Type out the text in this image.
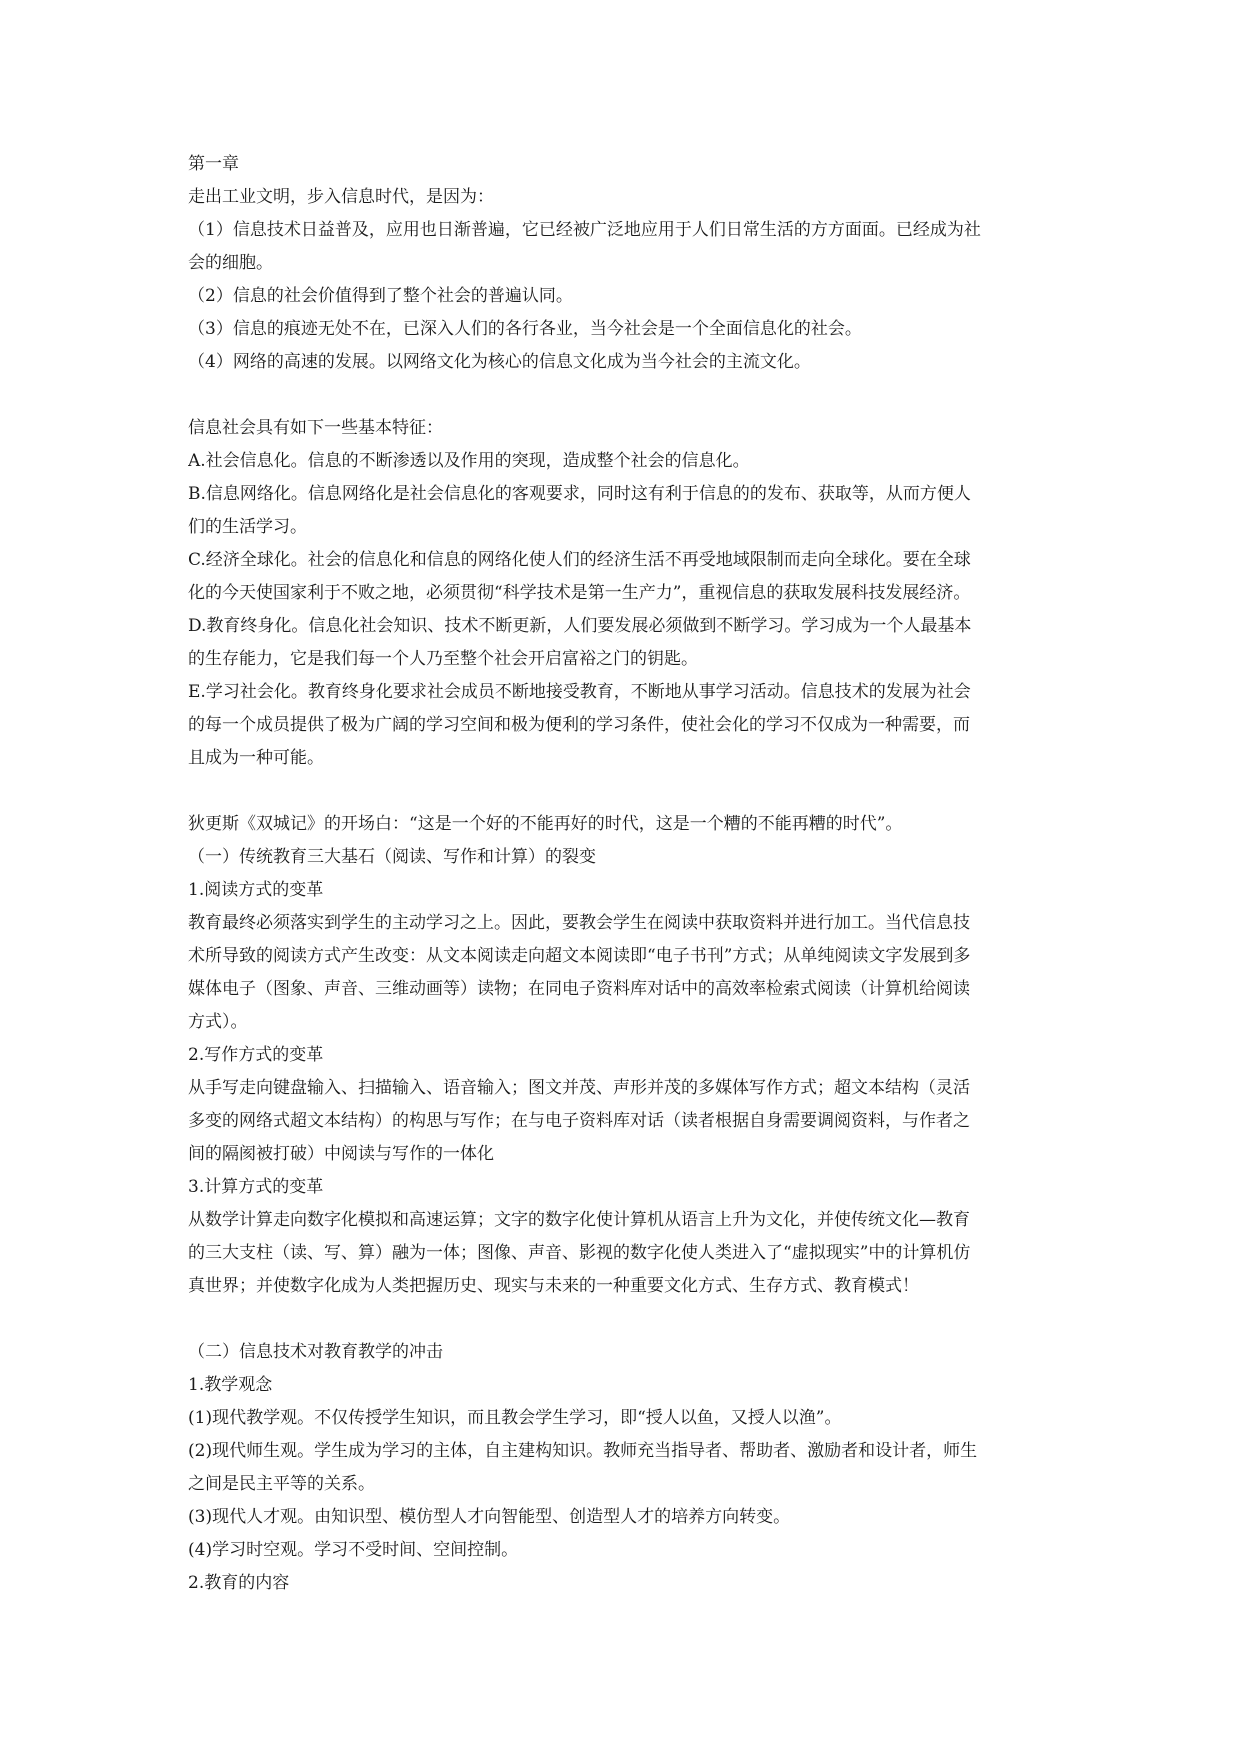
第一章
走出工业文明，步入信息时代，是因为：
（1）信息技术日益普及，应用也日渐普遍，它已经被广泛地应用于人们日常生活的方方面面。已经成为社
会的细胞。
（2）信息的社会价值得到了整个社会的普遍认同。
（3）信息的痕迹无处不在，已深入人们的各行各业，当今社会是一个全面信息化的社会。
（4）网络的高速的发展。以网络文化为核心的信息文化成为当今社会的主流文化。
信息社会具有如下一些基本特征：
A.社会信息化。信息的不断渗透以及作用的突现，造成整个社会的信息化。
B.信息网络化。信息网络化是社会信息化的客观要求，同时这有利于信息的的发布、获取等，从而方便人
们的生活学习。
C.经济全球化。社会的信息化和信息的网络化使人们的经济生活不再受地域限制而走向全球化。要在全球
化的今天使国家利于不败之地，必须贯彻“科学技术是第一生产力”，重视信息的获取发展科技发展经济。
D.教育终身化。信息化社会知识、技术不断更新，人们要发展必须做到不断学习。学习成为一个人最基本
的生存能力，它是我们每一个人乃至整个社会开启富裕之门的钥匙。
E.学习社会化。教育终身化要求社会成员不断地接受教育，不断地从事学习活动。信息技术的发展为社会
的每一个成员提供了极为广阔的学习空间和极为便利的学习条件，使社会化的学习不仅成为一种需要，而
且成为一种可能。
狄更斯《双城记》的开场白：“这是一个好的不能再好的时代，这是一个糟的不能再糟的时代”。
（一）传统教育三大基石（阅读、写作和计算）的裂变
1.阅读方式的变革
教育最终必须落实到学生的主动学习之上。因此，要教会学生在阅读中获取资料并进行加工。当代信息技
术所导致的阅读方式产生改变：从文本阅读走向超文本阅读即“电子书刊”方式；从单纯阅读文字发展到多
媒体电子（图象、声音、三维动画等）读物；在同电子资料库对话中的高效率检索式阅读（计算机给阅读
方式）。
2.写作方式的变革
从手写走向键盘输入、扫描输入、语音输入；图文并茂、声形并茂的多媒体写作方式；超文本结构（灵活
多变的网络式超文本结构）的构思与写作；在与电子资料库对话（读者根据自身需要调阅资料，与作者之
间的隔阂被打破）中阅读与写作的一体化
3.计算方式的变革
从数学计算走向数字化模拟和高速运算；文字的数字化使计算机从语言上升为文化，并使传统文化—教育
的三大支柱（读、写、算）融为一体；图像、声音、影视的数字化使人类进入了“虚拟现实”中的计算机仿
真世界；并使数字化成为人类把握历史、现实与未来的一种重要文化方式、生存方式、教育模式！
（二）信息技术对教育教学的冲击
1.教学观念
(1)现代教学观。不仅传授学生知识，而且教会学生学习，即“授人以鱼，又授人以渔”。
(2)现代师生观。学生成为学习的主体，自主建构知识。教师充当指导者、帮助者、激励者和设计者，师生
之间是民主平等的关系。
(3)现代人才观。由知识型、模仿型人才向智能型、创造型人才的培养方向转变。
(4)学习时空观。学习不受时间、空间控制。
2.教育的内容
